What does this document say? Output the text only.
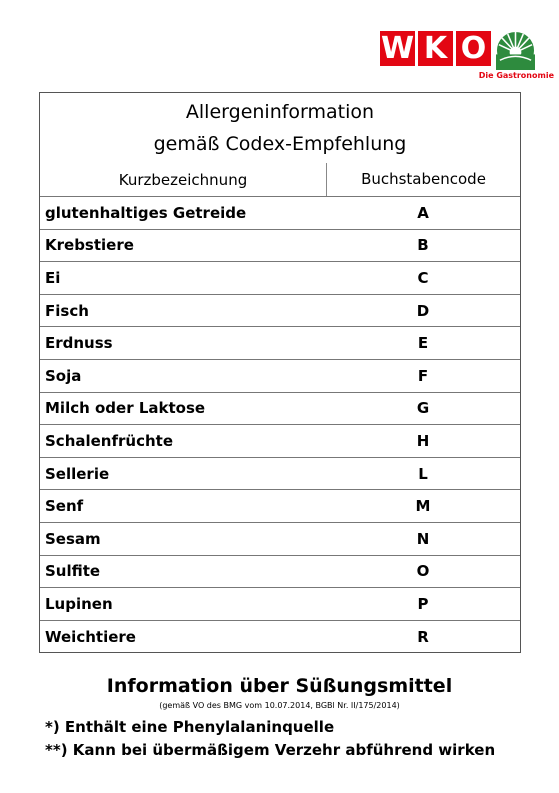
W K O
Die Gastronomie
Allergeninformation
gemäß Codex-Empfehlung
Kurzbezeichnung	Buchstabencode
glutenhaltiges Getreide	A
Krebstiere	B
Ei	C
Fisch	D
Erdnuss	E
Soja	F
Milch oder Laktose	G
Schalenfrüchte	H
Sellerie	L
Senf	M
Sesam	N
Sulfite	O
Lupinen	P
Weichtiere	R
Information über Süßungsmittel
(gemäß VO des BMG vom 10.07.2014, BGBl Nr. II/175/2014)
*) Enthält eine Phenylalaninquelle
**) Kann bei übermäßigem Verzehr abführend wirken
